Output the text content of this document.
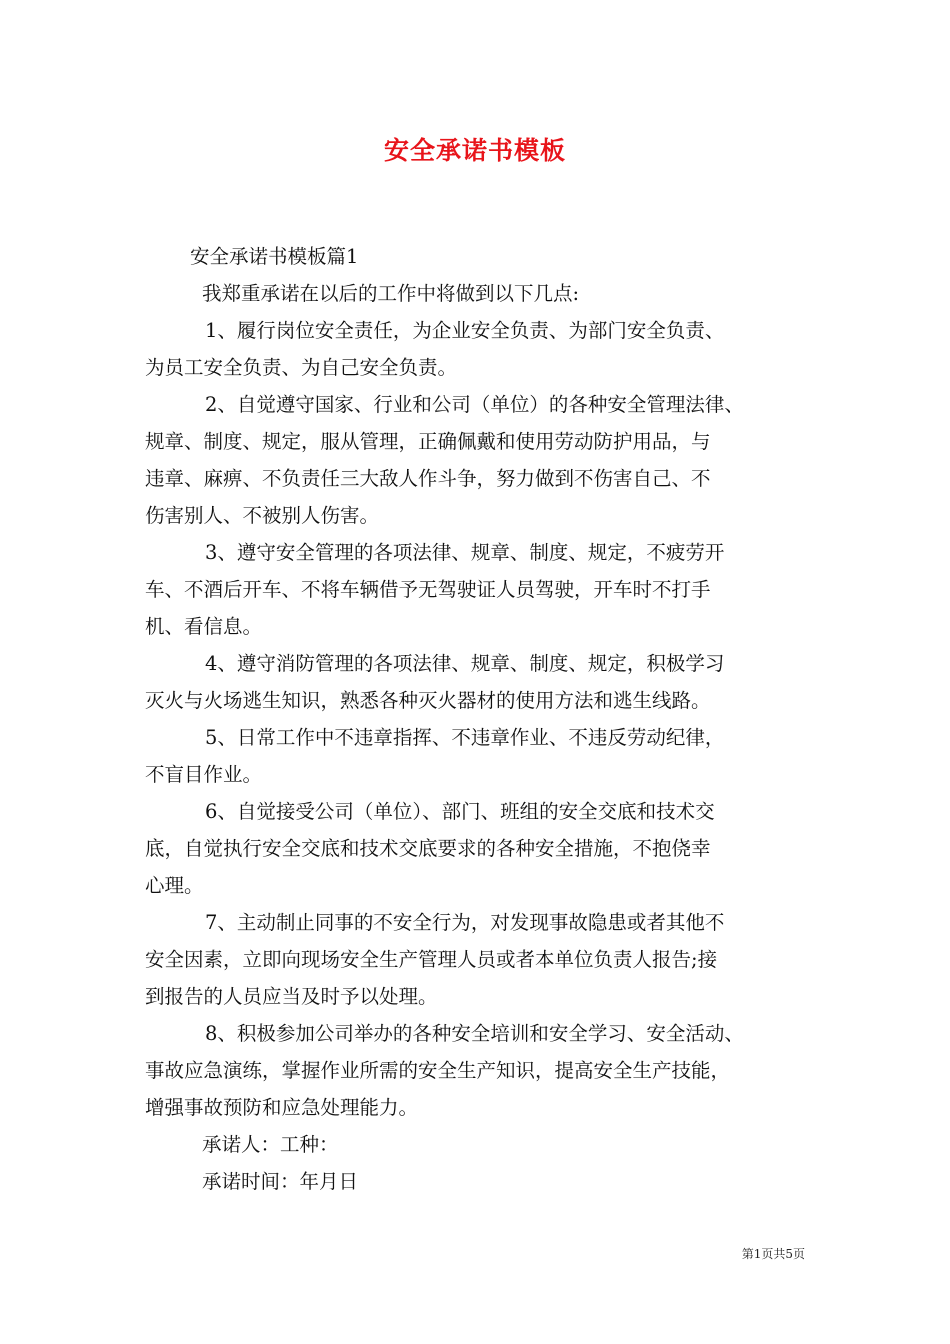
安全承诺书模板
安全承诺书模板篇1
我郑重承诺在以后的工作中将做到以下几点:
1、履行岗位安全责任，为企业安全负责、为部门安全负责、
为员工安全负责、为自己安全负责。
2、自觉遵守国家、行业和公司（单位）的各种安全管理法律、
规章、制度、规定，服从管理，正确佩戴和使用劳动防护用品，与
违章、麻痹、不负责任三大敌人作斗争，努力做到不伤害自己、不
伤害别人、不被别人伤害。
3、遵守安全管理的各项法律、规章、制度、规定，不疲劳开
车、不酒后开车、不将车辆借予无驾驶证人员驾驶，开车时不打手
机、看信息。
4、遵守消防管理的各项法律、规章、制度、规定，积极学习
灭火与火场逃生知识，熟悉各种灭火器材的使用方法和逃生线路。
5、日常工作中不违章指挥、不违章作业、不违反劳动纪律，
不盲目作业。
6、自觉接受公司（单位）、部门、班组的安全交底和技术交
底，自觉执行安全交底和技术交底要求的各种安全措施，不抱侥幸
心理。
7、主动制止同事的不安全行为，对发现事故隐患或者其他不
安全因素，立即向现场安全生产管理人员或者本单位负责人报告;接
到报告的人员应当及时予以处理。
8、积极参加公司举办的各种安全培训和安全学习、安全活动、
事故应急演练，掌握作业所需的安全生产知识，提高安全生产技能，
增强事故预防和应急处理能力。
承诺人：工种：
承诺时间：年月日
第1页共5页
